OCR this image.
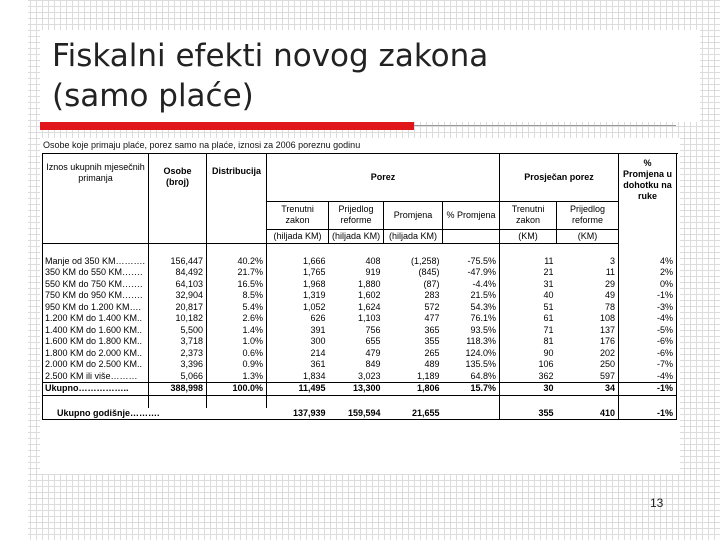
Fiskalni efekti novog zakona
(samo plaće)
Osobe koje primaju plaće, porez samo na plaće, iznosi za 2006 poreznu godinu
Iznos ukupnih mjesečnih primanja	Osobe (broj)	Distribucija	Porez				Prosječan porez		% Promjena u dohotku na ruke
			Trenutni zakon	Prijedlog reforme	Promjena	% Promjena	Trenutni zakon	Prijedlog reforme	
			(hiljada KM)	(hiljada KM)	(hiljada KM)		(KM)	(KM)	

Manje od 350 KM……….	156,447	40.2%	1,666	408	(1,258)	-75.5%	11	3	4%
350 KM do 550 KM…….	84,492	21.7%	1,765	919	(845)	-47.9%	21	11	2%
550 KM do 750 KM…….	64,103	16.5%	1,968	1,880	(87)	-4.4%	31	29	0%
750 KM do 950 KM…….	32,904	8.5%	1,319	1,602	283	21.5%	40	49	-1%
950 KM do 1.200 KM….	20,817	5.4%	1,052	1,624	572	54.3%	51	78	-3%
1.200 KM do 1.400 KM..	10,182	2.6%	626	1,103	477	76.1%	61	108	-4%
1.400 KM do 1.600 KM..	5,500	1.4%	391	756	365	93.5%	71	137	-5%
1.600 KM do 1.800 KM..	3,718	1.0%	300	655	355	118.3%	81	176	-6%
1.800 KM do 2.000 KM..	2,373	0.6%	214	479	265	124.0%	90	202	-6%
2.000 KM do 2.500 KM..	3,396	0.9%	361	849	489	135.5%	106	250	-7%
2.500 KM ili više………	5,066	1.3%	1,834	3,023	1,189	64.8%	362	597	-4%
Ukupno……………..	388,998	100.0%	11,495	13,300	1,806	15.7%	30	34	-1%

Ukupno godišnje……….			137,939	159,594	21,655		355	410	-1%
13
